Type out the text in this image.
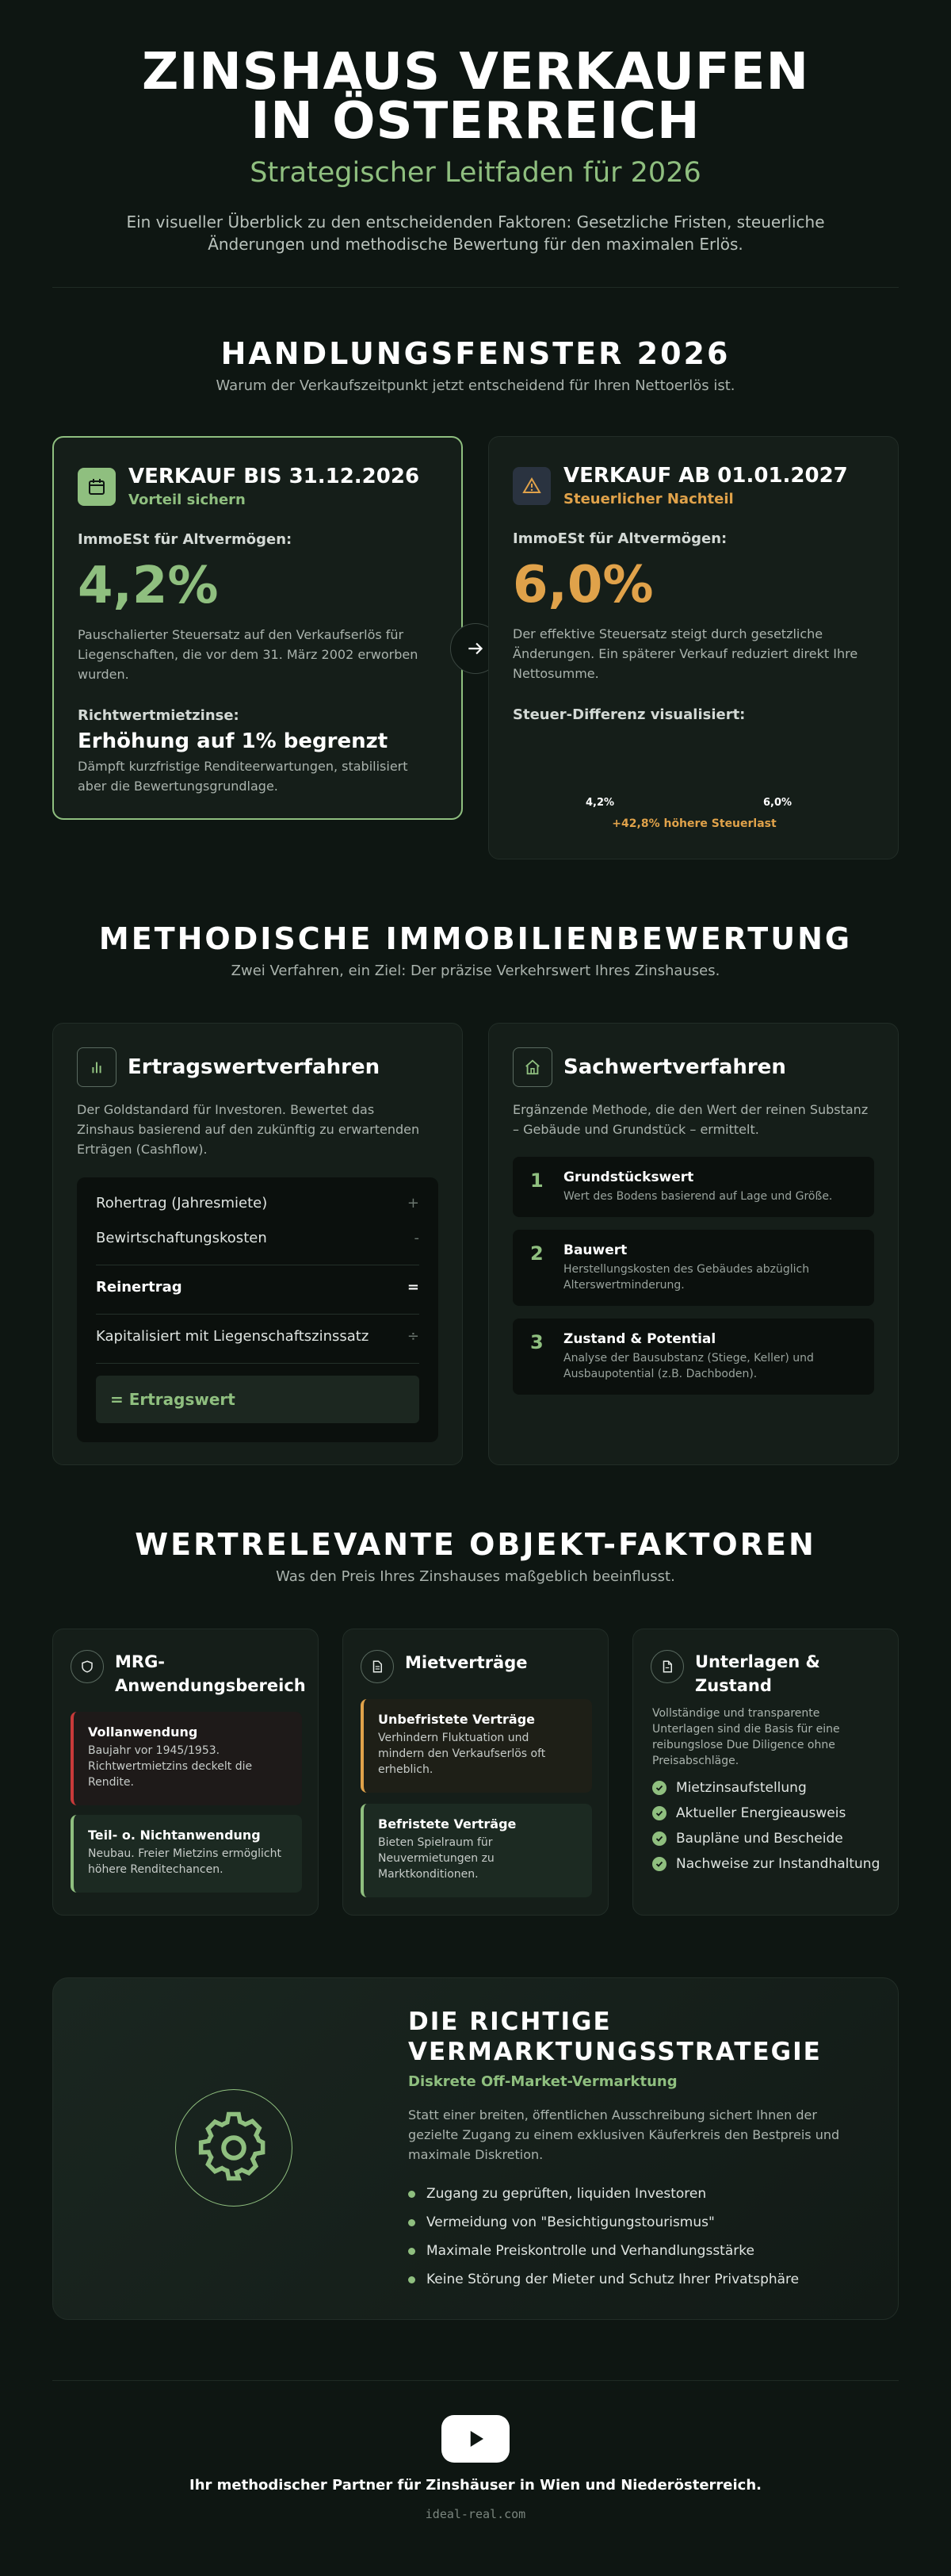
ZINSHAUS VERKAUFEN IN ÖSTERREICH
Strategischer Leitfaden für 2026
Ein visueller Überblick zu den entscheidenden Faktoren: Gesetzliche Fristen, steuerliche Änderungen und methodische Bewertung für den maximalen Erlös.
HANDLUNGSFENSTER 2026
Warum der Verkaufszeitpunkt jetzt entscheidend für Ihren Nettoerlös ist.
VERKAUF BIS 31.12.2026
Vorteil sichern
ImmoESt für Altvermögen:
4,2%
Pauschalierter Steuersatz auf den Verkaufserlös für Liegenschaften, die vor dem 31. März 2002 erworben wurden.
Richtwertmietzinse:
Erhöhung auf 1% begrenzt
Dämpft kurzfristige Renditeerwartungen, stabilisiert aber die Bewertungsgrundlage.
VERKAUF AB 01.01.2027
Steuerlicher Nachteil
ImmoESt für Altvermögen:
6,0%
Der effektive Steuersatz steigt durch gesetzliche Änderungen. Ein späterer Verkauf reduziert direkt Ihre Nettosumme.
Steuer-Differenz visualisiert:
4,2%	6,0%
+42,8% höhere Steuerlast
METHODISCHE IMMOBILIENBEWERTUNG
Zwei Verfahren, ein Ziel: Der präzise Verkehrswert Ihres Zinshauses.
Ertragswertverfahren
Der Goldstandard für Investoren. Bewertet das Zinshaus basierend auf den zukünftig zu erwartenden Erträgen (Cashflow).
Rohertrag (Jahresmiete)	+
Bewirtschaftungskosten	-
Reinertrag	=
Kapitalisiert mit Liegenschaftszinssatz	÷
= Ertragswert
Sachwertverfahren
Ergänzende Methode, die den Wert der reinen Substanz – Gebäude und Grundstück – ermittelt.
1 Grundstückswert
Wert des Bodens basierend auf Lage und Größe.
2 Bauwert
Herstellungskosten des Gebäudes abzüglich Alterswertminderung.
3 Zustand & Potential
Analyse der Bausubstanz (Stiege, Keller) und Ausbaupotential (z.B. Dachboden).
WERTRELEVANTE OBJEKT-FAKTOREN
Was den Preis Ihres Zinshauses maßgeblich beeinflusst.
MRG-Anwendungsbereich
Vollanwendung
Baujahr vor 1945/1953. Richtwertmietzins deckelt die Rendite.
Teil- o. Nichtanwendung
Neubau. Freier Mietzins ermöglicht höhere Renditechancen.
Mietverträge
Unbefristete Verträge
Verhindern Fluktuation und mindern den Verkaufserlös oft erheblich.
Befristete Verträge
Bieten Spielraum für Neuvermietungen zu Marktkonditionen.
Unterlagen & Zustand
Vollständige und transparente Unterlagen sind die Basis für eine reibungslose Due Diligence ohne Preisabschläge.
Mietzinsaufstellung
Aktueller Energieausweis
Baupläne und Bescheide
Nachweise zur Instandhaltung
DIE RICHTIGE VERMARKTUNGSSTRATEGIE
Diskrete Off-Market-Vermarktung
Statt einer breiten, öffentlichen Ausschreibung sichert Ihnen der gezielte Zugang zu einem exklusiven Käuferkreis den Bestpreis und maximale Diskretion.
Zugang zu geprüften, liquiden Investoren
Vermeidung von "Besichtigungstourismus"
Maximale Preiskontrolle und Verhandlungsstärke
Keine Störung der Mieter und Schutz Ihrer Privatsphäre
Ihr methodischer Partner für Zinshäuser in Wien und Niederösterreich.
ideal-real.com
